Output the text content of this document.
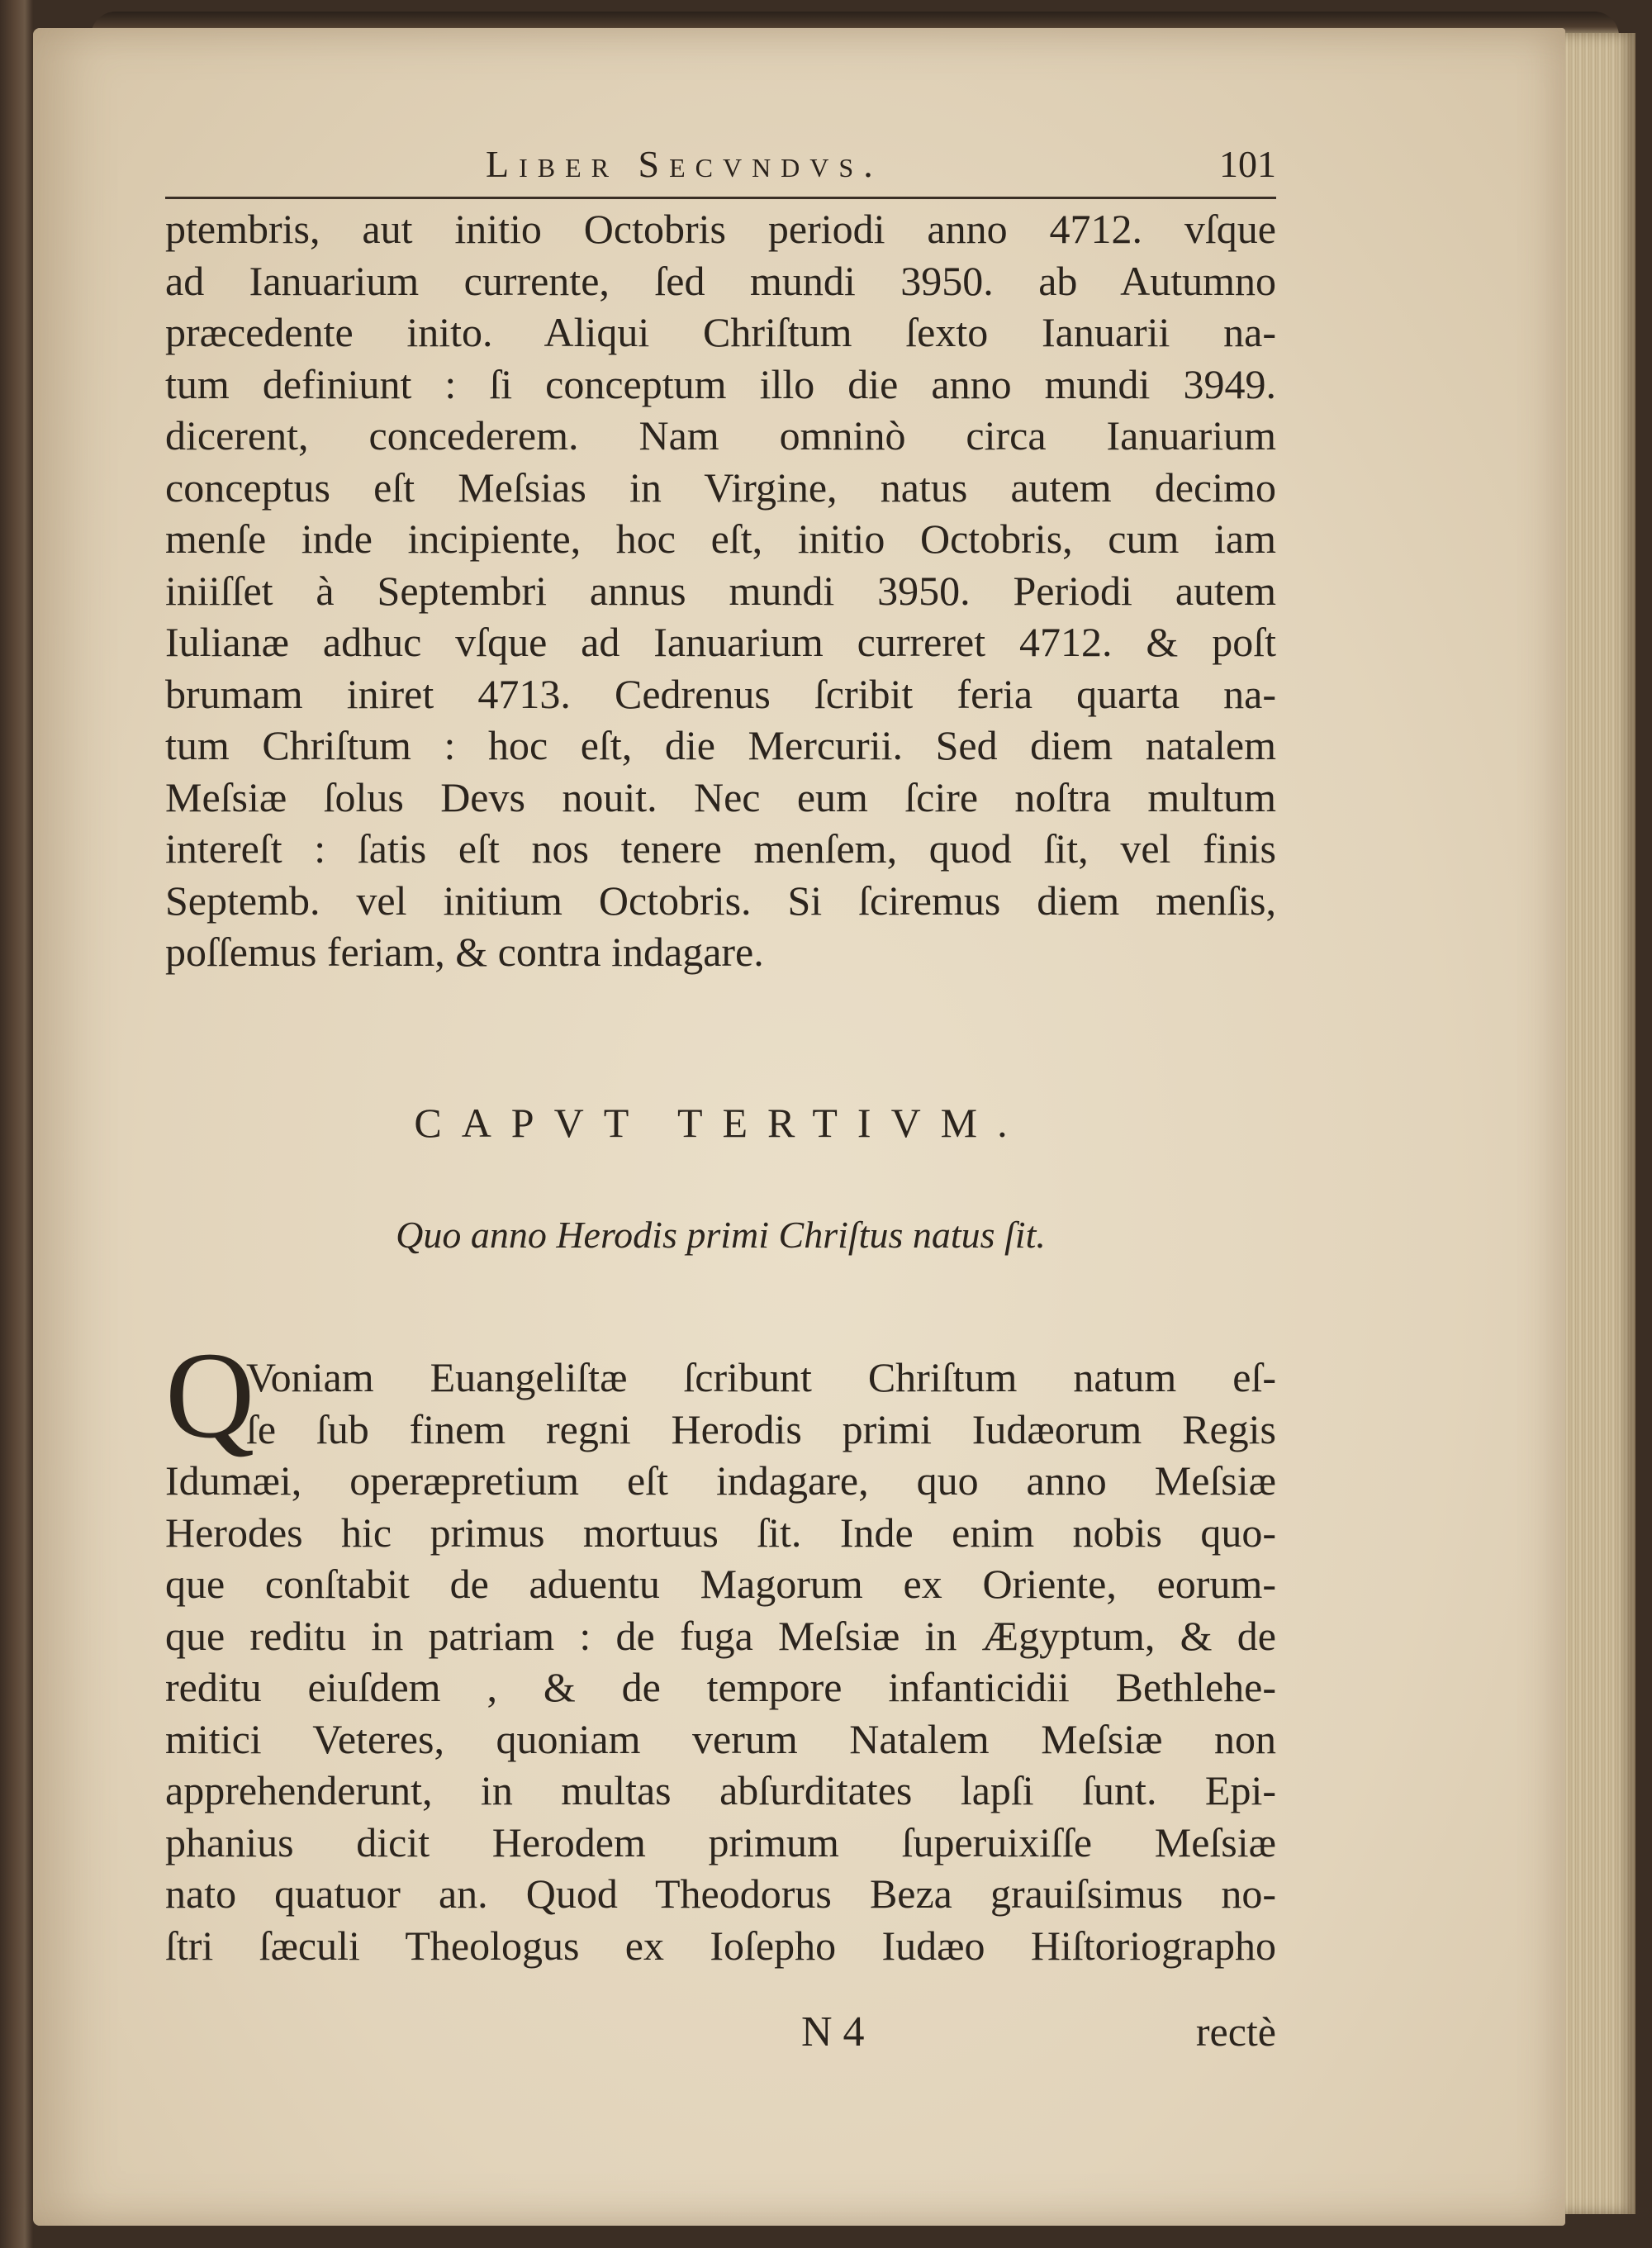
Liber Secvndvs.	101
ptembris, aut initio Octobris periodi anno 4712. vſque
ad Ianuarium currente, ſed mundi 3950. ab Autumno
præcedente inito. Aliqui Chriſtum ſexto Ianuarii na-
tum definiunt : ſi conceptum illo die anno mundi 3949.
dicerent, concederem. Nam omninò circa Ianuarium
conceptus eſt Meſsias in Virgine, natus autem decimo
menſe inde incipiente, hoc eſt, initio Octobris, cum iam
iniiſſet à Septembri annus mundi 3950. Periodi autem
Iulianæ adhuc vſque ad Ianuarium curreret 4712. & poſt
brumam iniret 4713. Cedrenus ſcribit feria quarta na-
tum Chriſtum : hoc eſt, die Mercurii. Sed diem natalem
Meſsiæ ſolus Devs nouit. Nec eum ſcire noſtra multum
intereſt : ſatis eſt nos tenere menſem, quod ſit, vel finis
Septemb. vel initium Octobris. Si ſciremus diem menſis,
poſſemus feriam, & contra indagare.
CAPVT TERTIVM.
Quo anno Herodis primi Chriſtus natus ſit.
Q
Voniam Euangeliſtæ ſcribunt Chriſtum natum eſ-
ſe ſub finem regni Herodis primi Iudæorum Regis
Idumæi, operæpretium eſt indagare, quo anno Meſsiæ
Herodes hic primus mortuus ſit. Inde enim nobis quo-
que conſtabit de aduentu Magorum ex Oriente, eorum-
que reditu in patriam : de fuga Meſsiæ in Ægyptum, & de
reditu eiuſdem , & de tempore infanticidii Bethlehe-
mitici Veteres, quoniam verum Natalem Meſsiæ non
apprehenderunt, in multas abſurditates lapſi ſunt. Epi-
phanius dicit Herodem primum ſuperuixiſſe Meſsiæ
nato quatuor an. Quod Theodorus Beza grauiſsimus no-
ſtri ſæculi Theologus ex Ioſepho Iudæo Hiſtoriographo
N 4	rectè
